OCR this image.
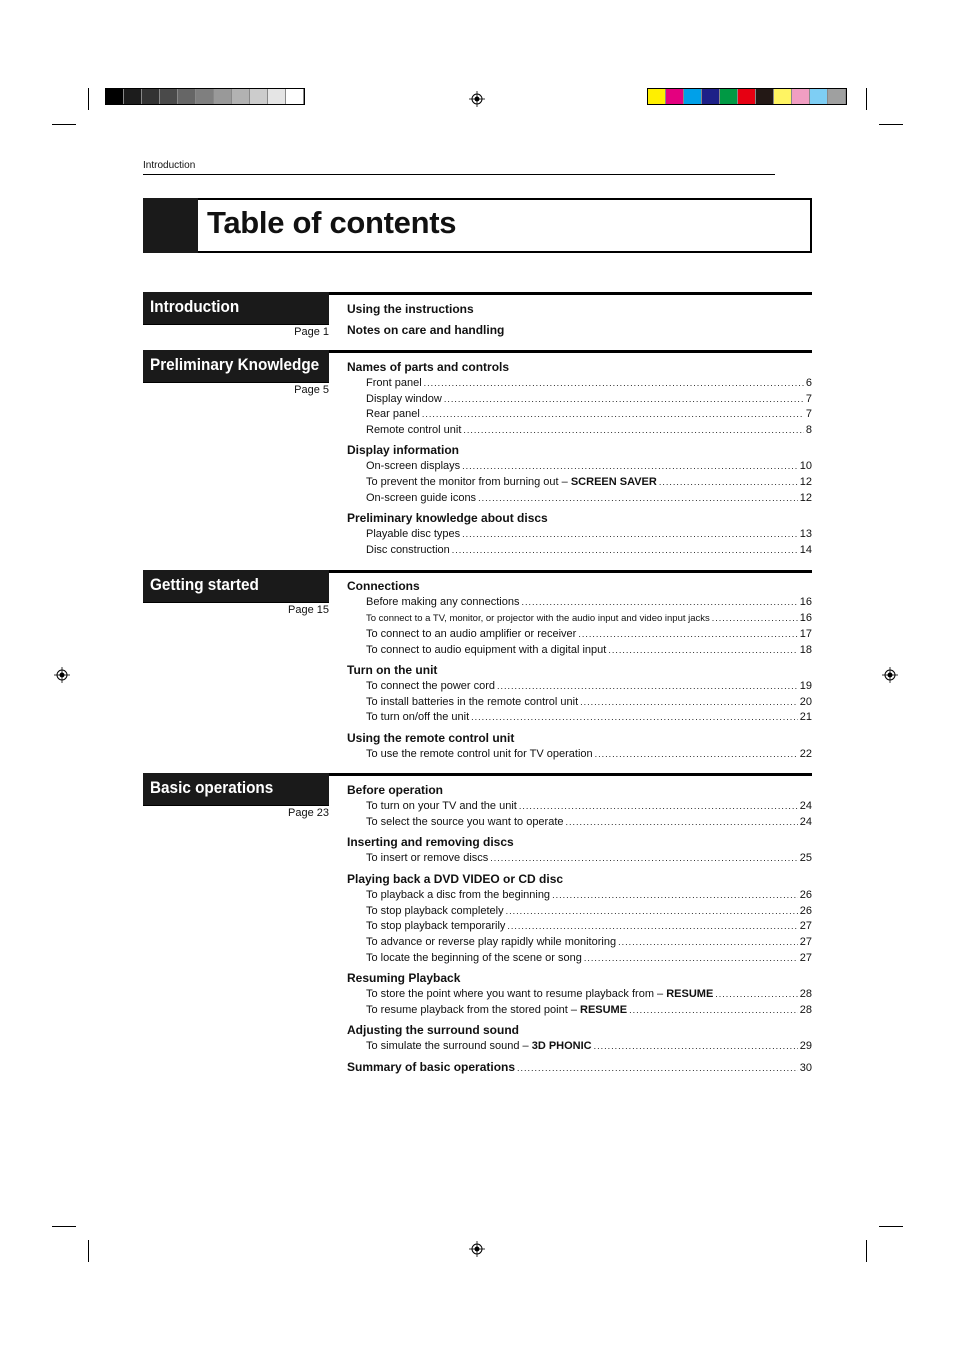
Introduction
Table of contents
Introduction
Page 1
Using the instructions
Notes on care and handling
Preliminary Knowledge
Page 5
Names of parts and controls
Front panel .....	6
Display window .....	7
Rear panel .....	7
Remote control unit .....	8
Display information
On-screen displays .....	10
To prevent the monitor from burning out – SCREEN SAVER .....	12
On-screen guide icons .....	12
Preliminary knowledge about discs
Playable disc types .....	13
Disc construction .....	14
Getting started
Page 15
Connections
Before making any connections .....	16
To connect to a TV, monitor, or projector with the audio input and video input jacks .....	16
To connect to an audio amplifier or receiver .....	17
To connect to audio equipment with a digital input .....	18
Turn on the unit
To connect the power cord .....	19
To install batteries in the remote control unit .....	20
To turn on/off the unit .....	21
Using the remote control unit
To use the remote control unit for TV operation .....	22
Basic operations
Page 23
Before operation
To turn on your TV and the unit .....	24
To select the source you want to operate .....	24
Inserting and removing discs
To insert or remove discs .....	25
Playing back a DVD VIDEO or CD disc
To playback a disc from the beginning .....	26
To stop playback completely .....	26
To stop playback temporarily .....	27
To advance or reverse play rapidly while monitoring .....	27
To locate the beginning of the scene or song .....	27
Resuming Playback
To store the point where you want to resume playback from – RESUME .....	28
To resume playback from the stored point – RESUME .....	28
Adjusting the surround sound
To simulate the surround sound – 3D PHONIC .....	29
Summary of basic operations .....	30
